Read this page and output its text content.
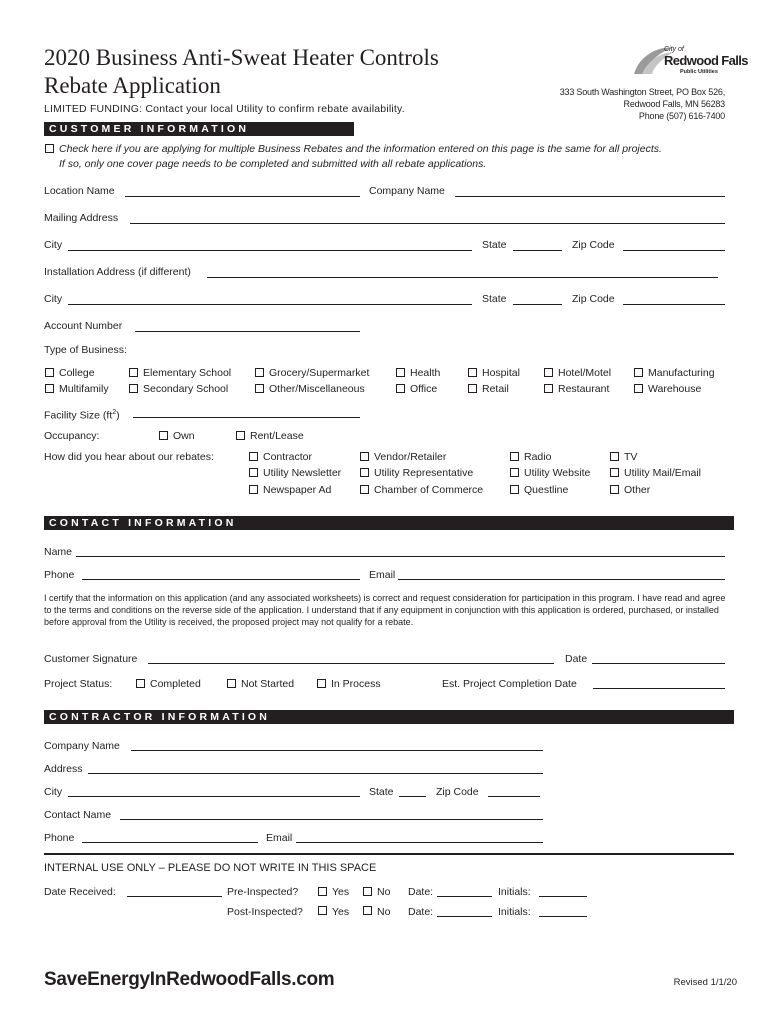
2020 Business Anti-Sweat Heater Controls
Rebate Application
LIMITED FUNDING: Contact your local Utility to confirm rebate availability.
City of
Redwood Falls
Public Utilities
333 South Washington Street, PO Box 526,
Redwood Falls, MN 56283
Phone (507) 616-7400
CUSTOMER INFORMATION
Check here if you are applying for multiple Business Rebates and the information entered on this page is the same for all projects.
If so, only one cover page needs to be completed and submitted with all rebate applications.
Location Name	Company Name
Mailing Address
City	State	Zip Code
Installation Address (if different)
City	State	Zip Code
Account Number
Type of Business:
College
Multifamily
Elementary School
Secondary School
Grocery/Supermarket
Other/Miscellaneous
Health
Office
Hospital
Retail
Hotel/Motel
Restaurant
Manufacturing
Warehouse
Facility Size $(ft^2)$
Occupancy:	Own	Rent/Lease
How did you hear about our rebates:	Contractor
Utility Newsletter
Newspaper Ad
Vendor/Retailer
Utility Representative
Chamber of Commerce
Radio
Utility Website
Questline
TV
Utility Mail/Email
Other
CONTACT INFORMATION
Name
Phone	Email
I certify that the information on this application (and any associated worksheets) is correct and request consideration for participation in this program. I have read and agree to the terms and conditions on the reverse side of the application. I understand that if any equipment in conjunction with this application is ordered, purchased, or installed before approval from the Utility is received, the proposed project may not qualify for a rebate.
Customer Signature	Date
Project Status:	Completed	Not Started	In Process	Est. Project Completion Date
CONTRACTOR INFORMATION
Company Name
Address
City	State	Zip Code
Contact Name
Phone	Email
INTERNAL USE ONLY – PLEASE DO NOT WRITE IN THIS SPACE
Date Received:	Pre-Inspected?	Yes	No Date:	Initials:
Post-Inspected?	Yes	No Date:	Initials:
SaveEnergyInRedwoodFalls.com	Revised 1/1/20
